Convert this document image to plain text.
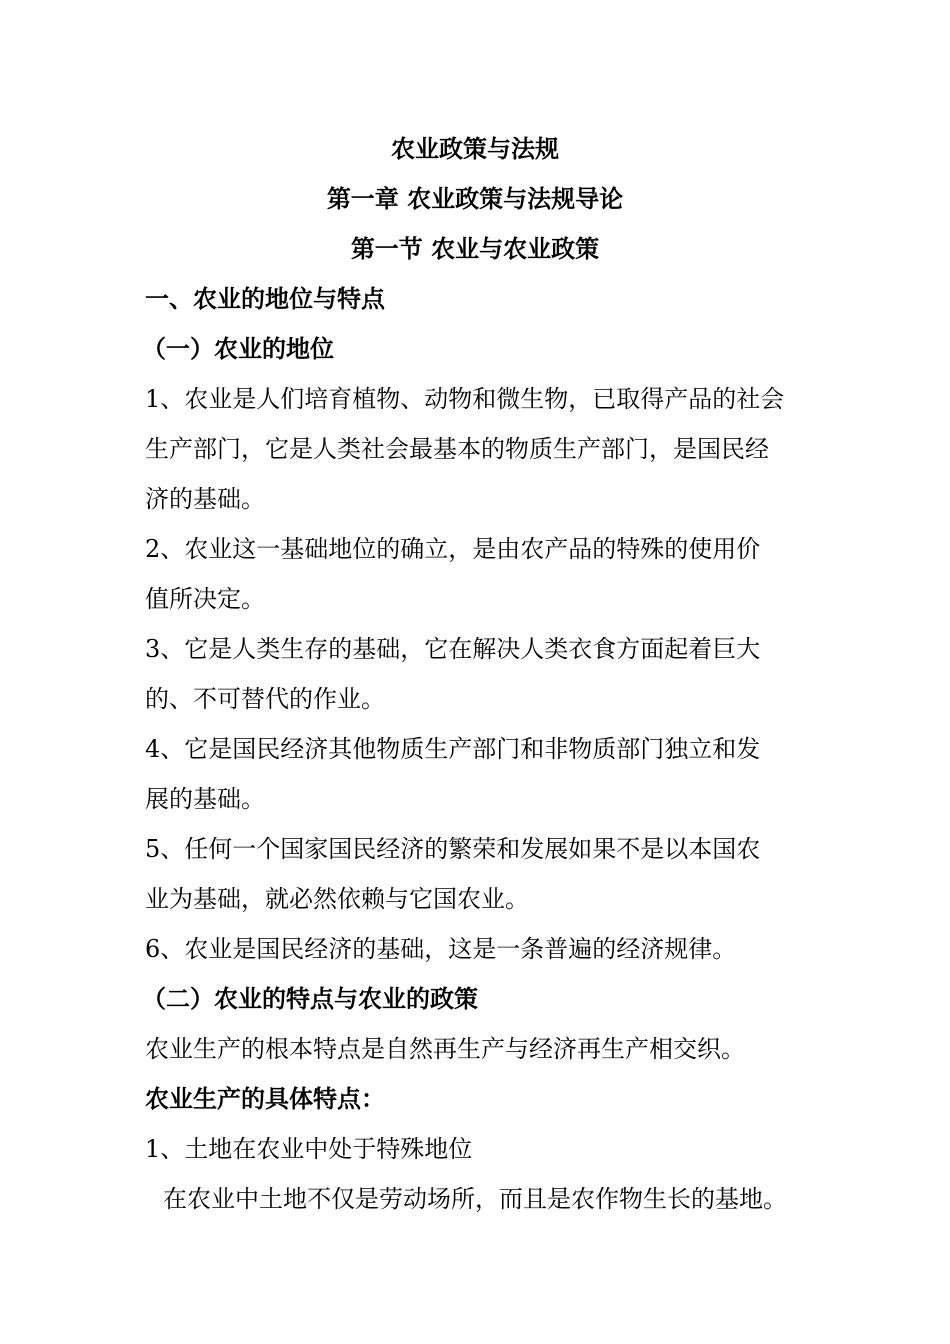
农业政策与法规
第一章 农业政策与法规导论
第一节 农业与农业政策
一、农业的地位与特点
（一）农业的地位
1、农业是人们培育植物、动物和微生物，已取得产品的社会
生产部门，它是人类社会最基本的物质生产部门，是国民经
济的基础。
2、农业这一基础地位的确立，是由农产品的特殊的使用价
值所决定。
3、它是人类生存的基础，它在解决人类衣食方面起着巨大
的、不可替代的作业。
4、它是国民经济其他物质生产部门和非物质部门独立和发
展的基础。
5、任何一个国家国民经济的繁荣和发展如果不是以本国农
业为基础，就必然依赖与它国农业。
6、农业是国民经济的基础，这是一条普遍的经济规律。
（二）农业的特点与农业的政策
农业生产的根本特点是自然再生产与经济再生产相交织。
农业生产的具体特点：
1、土地在农业中处于特殊地位
在农业中土地不仅是劳动场所，而且是农作物生长的基地。
